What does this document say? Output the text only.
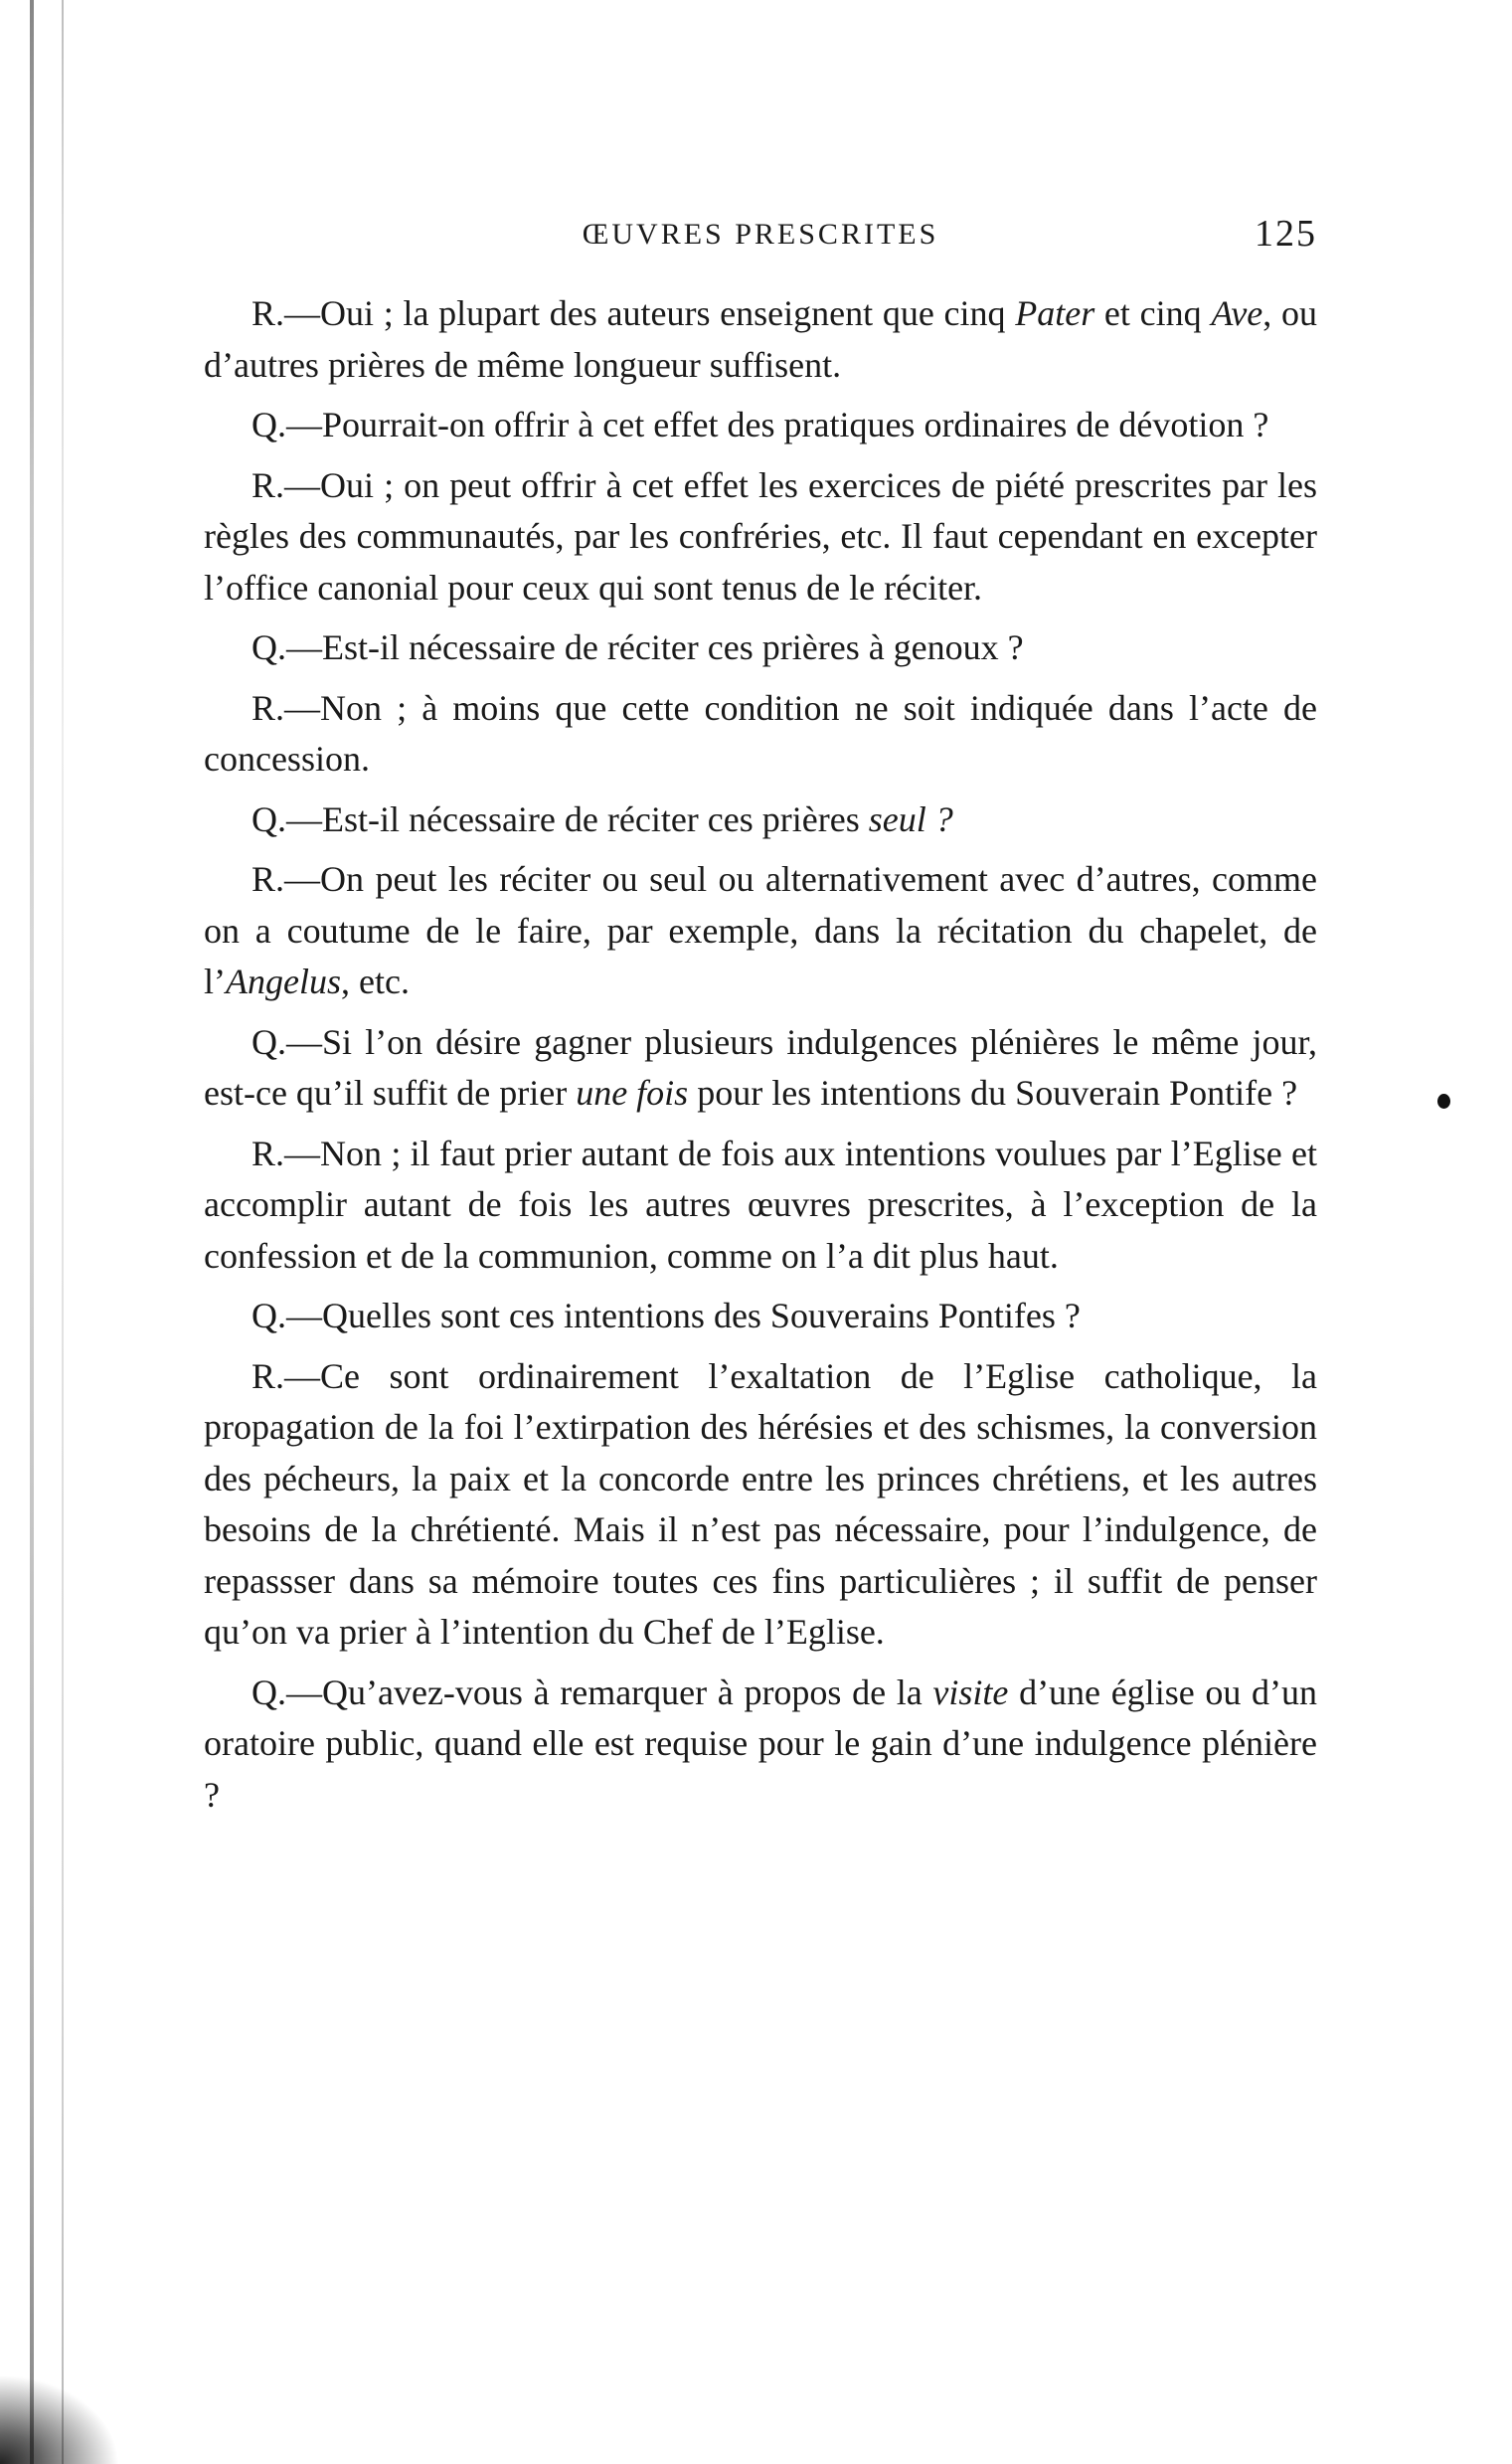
ŒUVRES PRESCRITES	125

R.—Oui ; la plupart des auteurs enseignent que cinq Pater et cinq Ave, ou d’autres prières de même longueur suffisent.

Q.—Pourrait-on offrir à cet effet des pratiques ordinaires de dévotion ?

R.—Oui ; on peut offrir à cet effet les exercices de piété prescrites par les règles des communautés, par les confréries, etc. Il faut cependant en excepter l’office canonial pour ceux qui sont tenus de le réciter.

Q.—Est-il nécessaire de réciter ces prières à genoux ?

R.—Non ; à moins que cette condition ne soit indiquée dans l’acte de concession.

Q.—Est-il nécessaire de réciter ces prières seul ?

R.—On peut les réciter ou seul ou alternativement avec d’autres, comme on a coutume de le faire, par exemple, dans la récitation du chapelet, de l’Angelus, etc.

Q.—Si l’on désire gagner plusieurs indulgences plénières le même jour, est-ce qu’il suffit de prier une fois pour les intentions du Souverain Pontife ?

R.—Non ; il faut prier autant de fois aux intentions voulues par l’Eglise et accomplir autant de fois les autres œuvres prescrites, à l’exception de la confession et de la communion, comme on l’a dit plus haut.

Q.—Quelles sont ces intentions des Souverains Pontifes ?

R.—Ce sont ordinairement l’exaltation de l’Eglise catholique, la propagation de la foi l’extirpation des hérésies et des schismes, la conversion des pécheurs, la paix et la concorde entre les princes chrétiens, et les autres besoins de la chrétienté. Mais il n’est pas nécessaire, pour l’indulgence, de repassser dans sa mémoire toutes ces fins particulières ; il suffit de penser qu’on va prier à l’intention du Chef de l’Eglise.

Q.—Qu’avez-vous à remarquer à propos de la visite d’une église ou d’un oratoire public, quand elle est requise pour le gain d’une indulgence plénière ?
